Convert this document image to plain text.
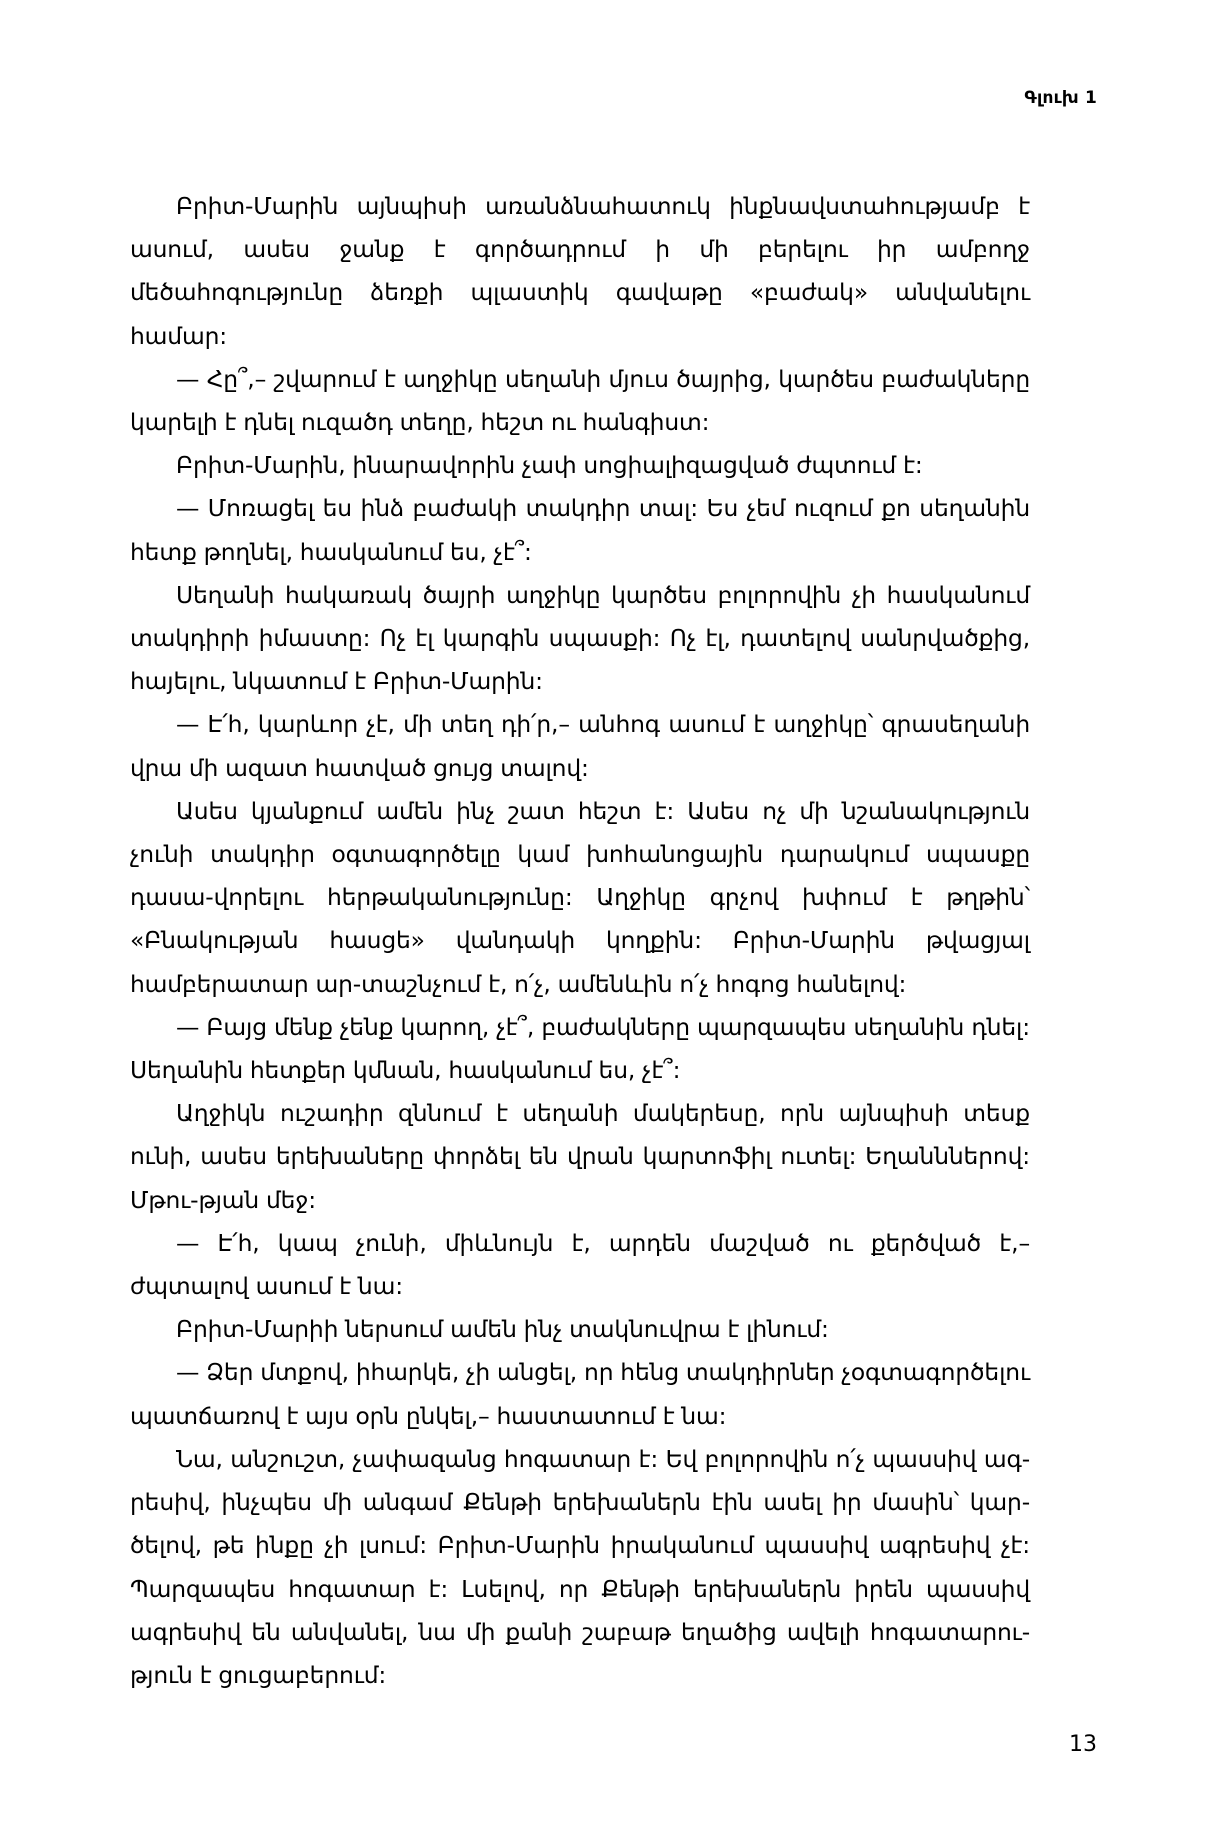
Գլուխ 1

Բրիտ-Մարին այնպիսի առանձնահատուկ ինքնավստահությամբ է ասում, ասես ջանք է գործադրում ի մի բերելու իր ամբողջ մեծահոգությունը ձեռքի պլաստիկ գավաթը «բաժակ» անվանելու համար:

— Հը՞,– շվարում է աղջիկը սեղանի մյուս ծայրից, կարծես բաժակները կարելի է դնել ուզածդ տեղը, հեշտ ու հանգիստ:

Բրիտ-Մարին, ինարավորին չափ սոցիալիզացված ժպտում է:

— Մոռացել ես ինձ բաժակի տակդիր տալ: Ես չեմ ուզում քո սեղանին հետք թողնել, հասկանում ես, չէ՞:

Սեղանի հակառակ ծայրի աղջիկը կարծես բոլորովին չի հասկանում տակդիրի իմաստը: Ոչ էլ կարգին սպասքի: Ոչ էլ, դատելով սանրվածքից, հայելու, նկատում է Բրիտ-Մարին:

— Է՛հ, կարևոր չէ, մի տեղ դի՛ր,– անհոգ ասում է աղջիկը՝ գրասեղանի վրա մի ազատ հատված ցույց տալով:

Ասես կյանքում ամեն ինչ շատ հեշտ է: Ասես ոչ մի նշանակություն չունի տակդիր օգտագործելը կամ խոհանոցային դարակում սպասքը դասա-վորելու հերթականությունը: Աղջիկը գրչով խփում է թղթին՝ «Բնակության հասցե» վանդակի կողքին: Բրիտ-Մարին թվացյալ համբերատար ար-տաշնչում է, ո՛չ, ամենևին ո՛չ հոգոց հանելով:

— Բայց մենք չենք կարող, չէ՞, բաժակները պարզապես սեղանին դնել: Սեղանին հետքեր կմնան, հասկանում ես, չէ՞:

Աղջիկն ուշադիր զննում է սեղանի մակերեսը, որն այնպիսի տեսք ունի, ասես երեխաները փորձել են վրան կարտոֆիլ ուտել: Եղանններով: Մթու-թյան մեջ:

— Է՛հ, կապ չունի, միևնույն է, արդեն մաշված ու քերծված է,– ժպտալով ասում է նա:

Բրիտ-Մարիի ներսում ամեն ինչ տակնուվրա է լինում:

— Ձեր մտքով, իհարկե, չի անցել, որ հենց տակդիրներ չօգտագործելու պատճառով է այս օրն ընկել,– հաստատում է նա:

Նա, անշուշտ, չափազանց հոգատար է: Եվ բոլորովին ո՛չ պասսիվ ագ-րեսիվ, ինչպես մի անգամ Քենթի երեխաներն էին ասել իր մասին՝ կար-ծելով, թե ինքը չի լսում: Բրիտ-Մարին իրականում պասսիվ ագրեսիվ չէ: Պարզապես հոգատար է: Լսելով, որ Քենթի երեխաներն իրեն պասսիվ ագրեսիվ են անվանել, նա մի քանի շաբաթ եղածից ավելի հոգատարու-թյուն է ցուցաբերում:

13
